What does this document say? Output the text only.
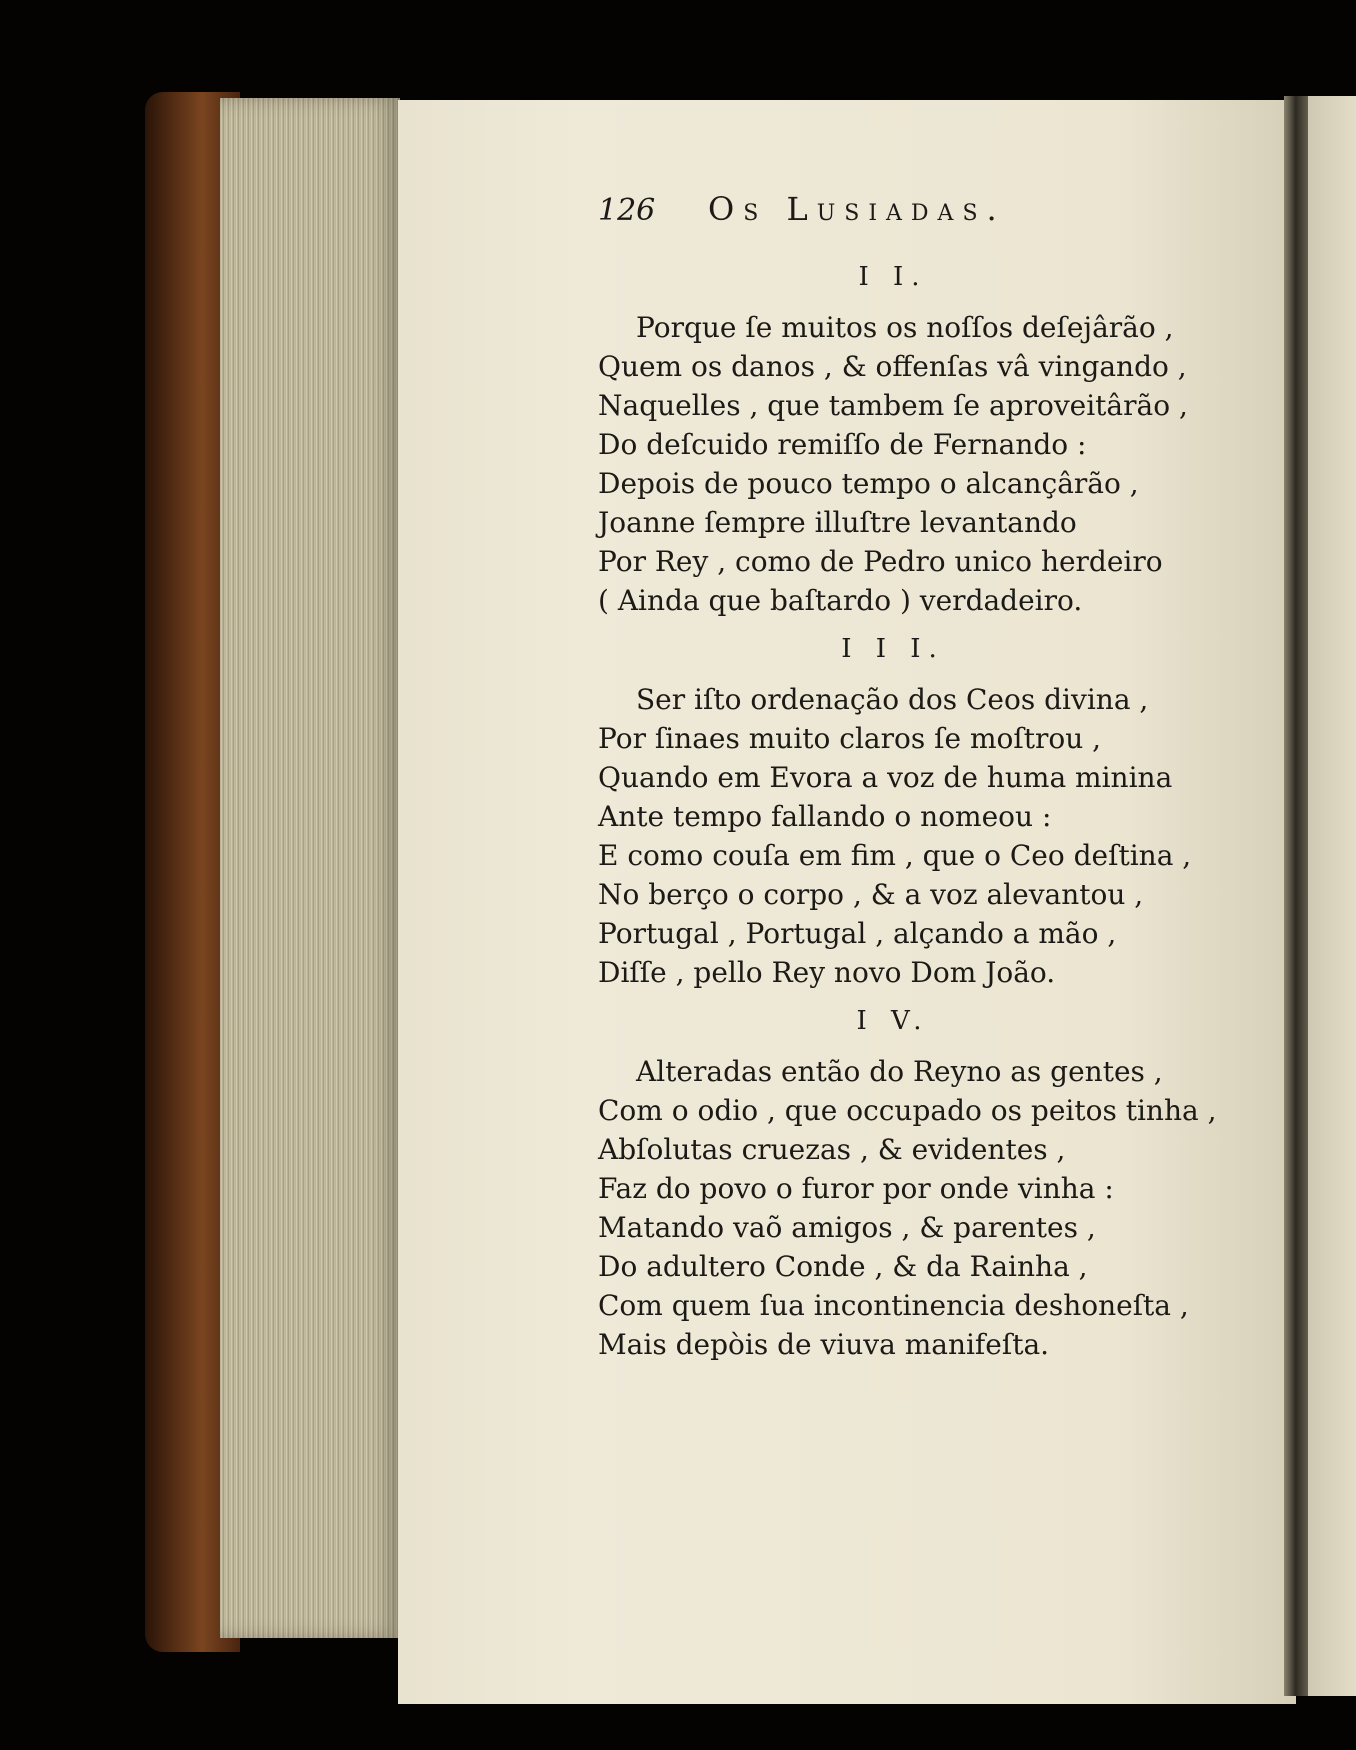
126	Os Lusiadas.
I I.
Porque ſe muitos os noſſos deſejârão ,
Quem os danos , & offenſas vâ vingando ,
Naquelles , que tambem ſe aproveitârão ,
Do deſcuido remiſſo de Fernando :
Depois de pouco tempo o alcançârão ,
Joanne ſempre illuſtre levantando
Por Rey , como de Pedro unico herdeiro
( Ainda que baſtardo ) verdadeiro.
I I I.
Ser iſto ordenação dos Ceos divina ,
Por ſinaes muito claros ſe moſtrou ,
Quando em Evora a voz de huma minina
Ante tempo fallando o nomeou :
E como couſa em fim , que o Ceo deſtina ,
No berço o corpo , & a voz alevantou ,
Portugal , Portugal , alçando a mão ,
Diſſe , pello Rey novo Dom João.
I V.
Alteradas então do Reyno as gentes ,
Com o odio , que occupado os peitos tinha ,
Abſolutas cruezas , & evidentes ,
Faz do povo o furor por onde vinha :
Matando vaõ amigos , & parentes ,
Do adultero Conde , & da Rainha ,
Com quem ſua incontinencia deshoneſta ,
Mais depòis de viuva manifeſta.
